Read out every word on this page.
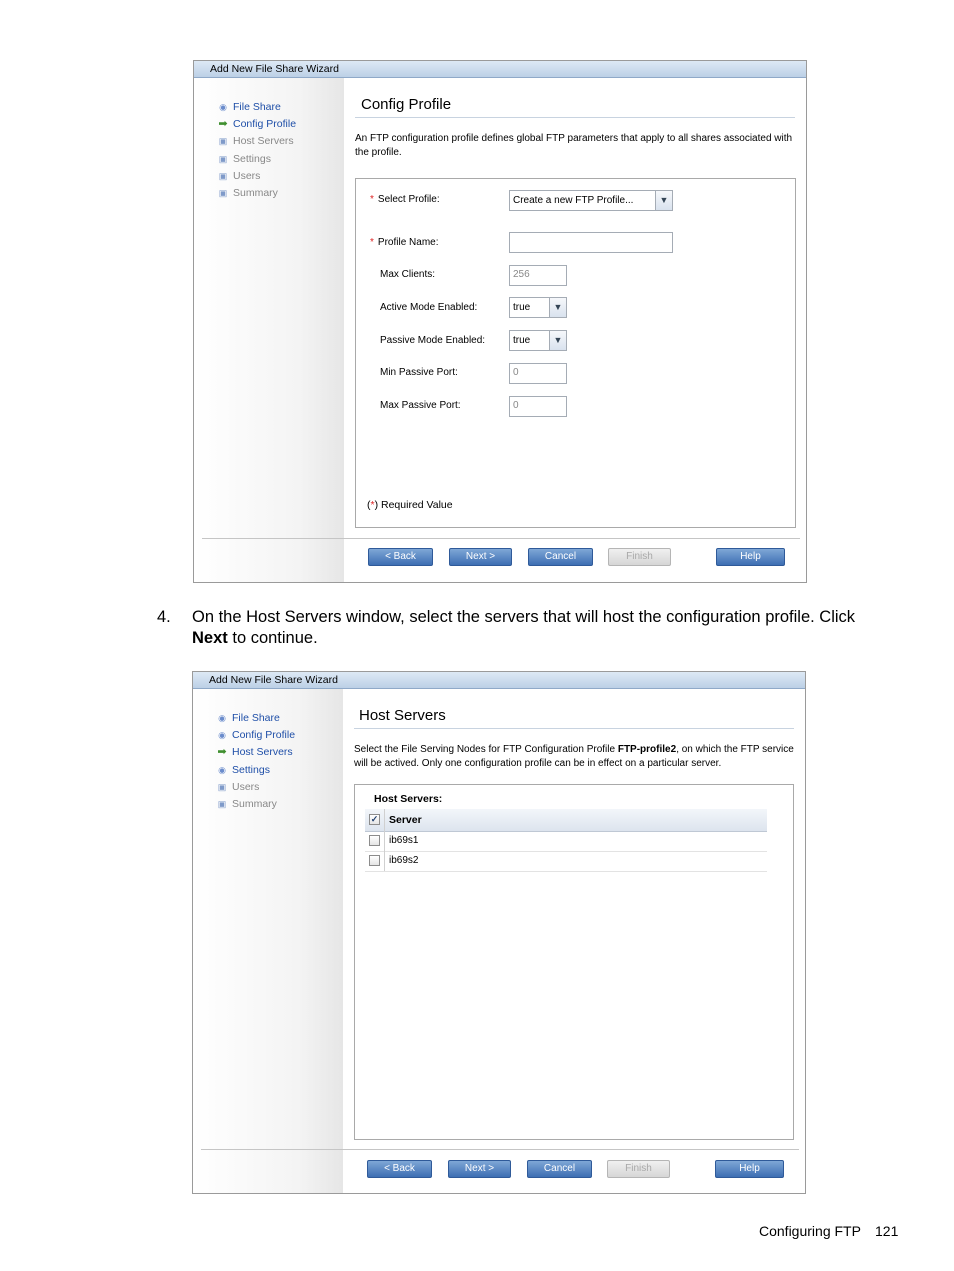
Add New File Share Wizard
◉ File Share
➡ Config Profile
▣ Host Servers
▣ Settings
▣ Users
▣ Summary
Config Profile
An FTP configuration profile defines global FTP parameters that apply to all shares associated with the profile.
* Select Profile:	Create a new FTP Profile...	▼
* Profile Name:
Max Clients:	256
Active Mode Enabled:	true	▼
Passive Mode Enabled:	true	▼
Min Passive Port:	0
Max Passive Port:	0
(*) Required Value
< Back	Next >	Cancel	Finish	Help
4. On the Host Servers window, select the servers that will host the configuration profile. Click Next to continue.
Add New File Share Wizard
◉ File Share
◉ Config Profile
➡ Host Servers
◉ Settings
▣ Users
▣ Summary
Host Servers
Select the File Serving Nodes for FTP Configuration Profile FTP-profile2, on which the FTP service will be actived. Only one configuration profile can be in effect on a particular server.
Host Servers:
✓ Server
ib69s1
ib69s2
< Back	Next >	Cancel	Finish	Help
Configuring FTP 121
